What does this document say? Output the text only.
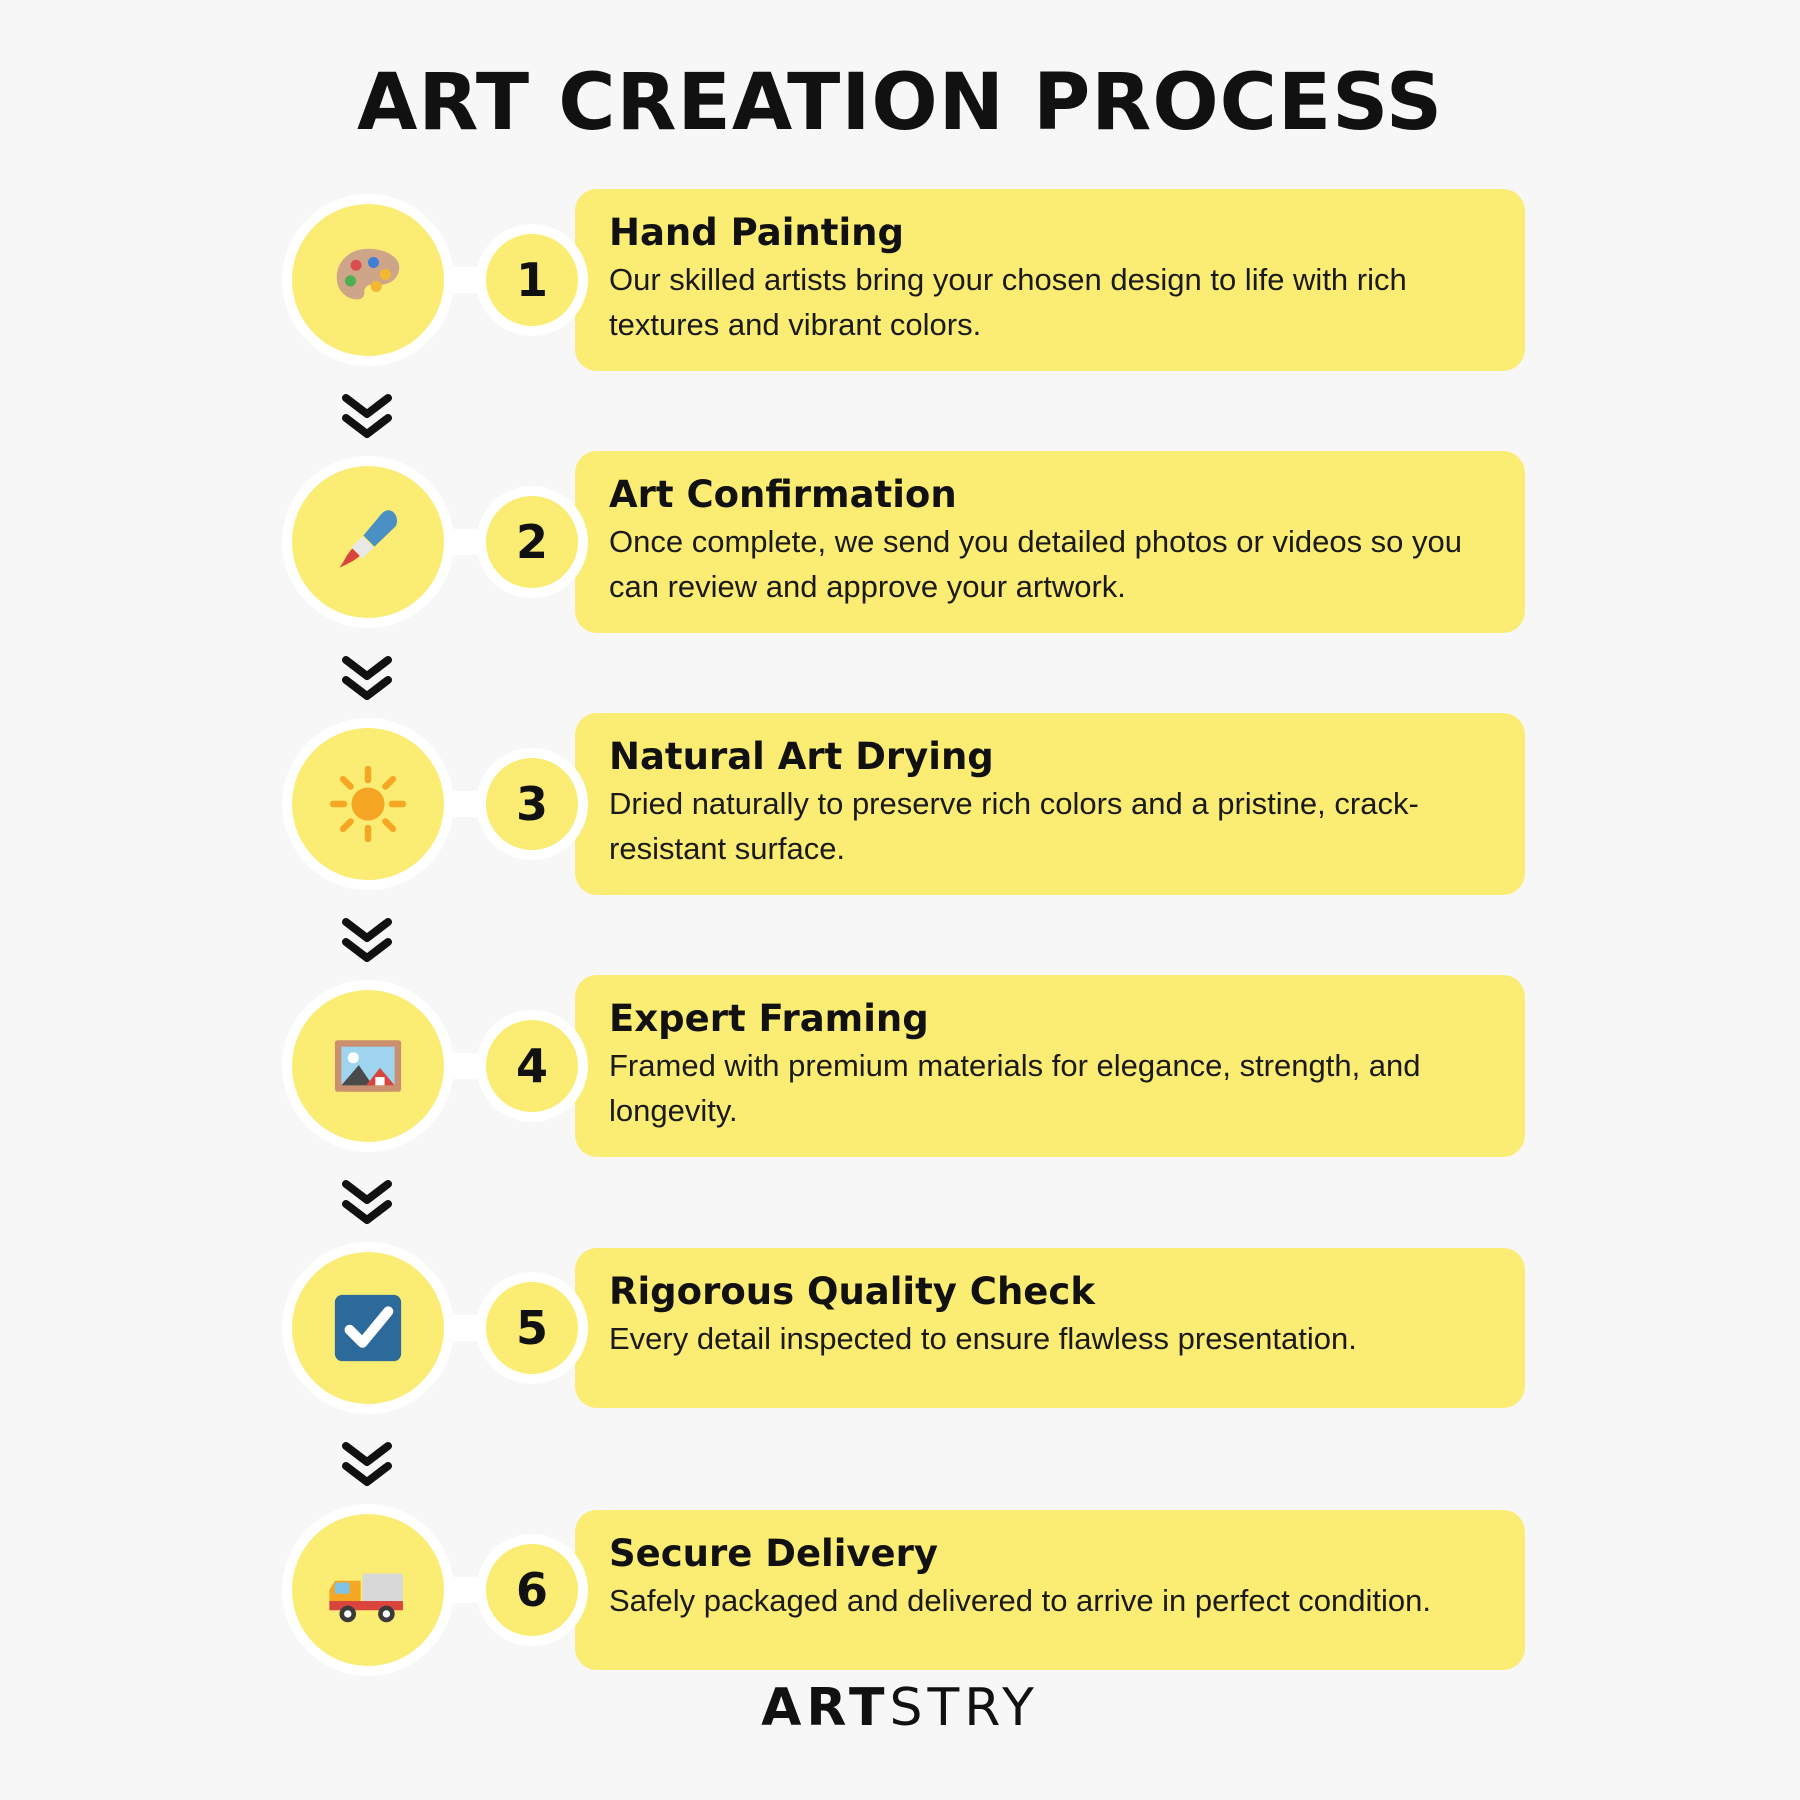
ART CREATION PROCESS
1

Hand Painting

Our skilled artists bring your chosen design to life with rich textures and vibrant colors.

2

Art Confirmation

Once complete, we send you detailed photos or videos so you can review and approve your artwork.

3

Natural Art Drying

Dried naturally to preserve rich colors and a pristine, crack-resistant surface.

4

Expert Framing

Framed with premium materials for elegance, strength, and longevity.

5

Rigorous Quality Check

Every detail inspected to ensure flawless presentation.

6

Secure Delivery

Safely packaged and delivered to arrive in perfect condition.

ARTSTRY
